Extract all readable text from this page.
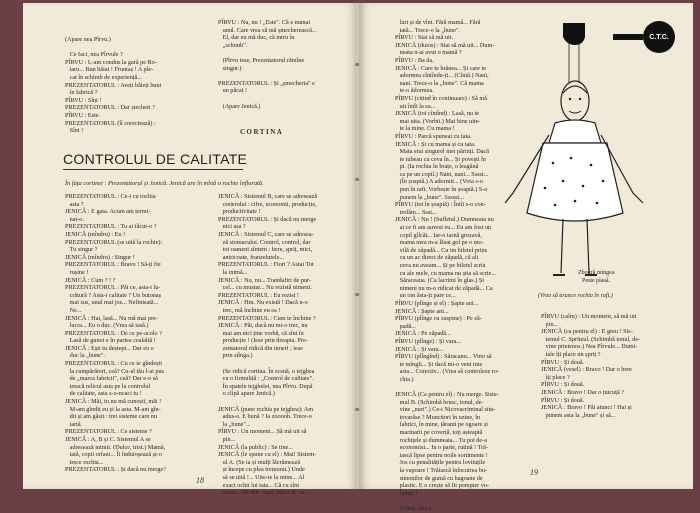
(Apare nea Pîrvu.)

Ce faci, nea Pîrvule ?
PÎRVU : L-am condus la gară pe Ro-
taru... Bun băiat ! Fruntaș ! A ple-
cat în schimb de experiență...
PREZENTATORUL : Aveți băieți buni
în fabrică ?
PÎRVU : Sînt !
PREZENTATORUL : Dar ștecheri ?
PÎRVU : Este.
PREZENTATORUL (îl corectează) :
Sînt !
PÎRVU : Nu, nu ! „Este". Că e numai
unul. Care vrea să mă șmecherească...
El, dar eu mă duc, că intru în
„schimb".

(Pîrvu iese, Prezentatorul rămîne
singur.)

PREZENTATORUL : Și „șmecheria" e
un păcat !

(Apare Jenică.)
CORTINA
CONTROLUL DE CALITATE
În fața cortinei : Prezentatorul și Jenică. Jenică are în mînă o rochie înflorată.
PREZENTATORUL : Ce-i cu rochia
asta ?
JENICĂ : E gata. Acum am termi-
nat-o.
PREZENTATORUL : Tu ai făcut-o ?
JENICĂ (mîndru) : Eu !
PREZENTATORUL (se uită la rochie):
Tu singur ?
JENICĂ (mîndru) : Singur !
PREZENTATORUL : Bravo ! Să-ți fie
rușine !
JENICĂ : Cum ? ! ?
PREZENTATORUL : Păi ce, asta-i lu-
crătură ? Asta-i calitate ? Un butonaș
mai sus, unul mai jos... Nefinisată...
Ne...
JENICĂ : Hai, lasă... Nu mă mai pre-
lucra... Eu o duc. (Vrea să iasă.)
PREZENTATORUL : De ce pe-acolo ?
Lasă de gunoi e în partea cealaltă !
JENICĂ : Ești tu deștept... Dar eu o
duc la „bune".
PREZENTATORUL : Cu ce te gîndești
la cumpărători, ceă? Cu-al tău l-ai pus
de „marca fabricii", ceă? Dar e-o să
treacă relicul asta pe la controlul
de calitate, asta s-o-ncaci tu !
JENICĂ : Măi, tu nu mă cunoști, măi !
M-am gîndit eu și la asta. M-am gîn-
dit și am găsit : trei sisteme care nu
iartă.
PREZENTATORUL : Ce sisteme ?
JENICĂ : A, B și C. Sistemul A se
adresează inimii. (Dulce, trist.) Mamă,
tată, copii orfani... Îi înduioșează și-o
trece rochia...
PREZENTATORUL : Și dacă nu merge?
JENICĂ : Sistemul B, care se adresează
creierului : cifre, economii, producție,
productivitate !
PREZENTATORUL : Și dacă nu merge
nici așa ?
JENICĂ : Sistemul C, care se adresea-
ză stomacului. Control, control, dar
tot oameni sîntem : bere, șpriț, mici,
antricoate, franzelutele...
PREZENTATORUL : Fiori ? Astai Tot
la inimă...
JENICĂ : Nu, nu... Trandafiri de pur-
cel... cu muștar... Nu rezistă nimeni.
PREZENTATORUL : Eu rezist !
JENICĂ : Hm. Nu există ! Dacă n-o
trec, mă închine eu ea !
PREZENTATORUL : Cum te închine ?
JENICĂ : Păi, dacă nu mi-o trec, nu
mai am nici ține vorbă, că sînt în
producție ! (Iese prin dreapta. Pre-
zentatorul ridică din umeri ; iese
prin stînga.)

(Se ridică cortina. În scenă, o tejghea
cu o firmuliță : „Control de calitate".
În spatele tejghelei, nea Pîrvu. După
o clipă apare Jenică.)

JENICĂ (pune rochia pe tejghea): Am
adus-o. E bună ? Ia zooooh. Trece-o
la „bune"...
PÎRVU : Un moment... Să mă uit să
pin...
JENICĂ (la public) : Se tine...
JENICĂ (le spune cu el) : Mai! Sistem-
ul A. (Se ia și mulți lăcrămează
și începe cu plea tremurat.) Unde
să se uită !... Uite-te la mine... Al
exact ochii lui tata... Că cu sînt
orfan... De mic copil, bătut de va-
18
luri și de vînt. Fără mamă... Fără
tată... Trece-o la „bune".
PÎRVU : Stai să mă uit.
JENICĂ (duios) : Stai să mă uit... Dum-
neata n-ai avut o mamă ?
PÎRVU : Ba da.
JENICĂ : Care te hrănea... Și care te
adormea cîntîndu-ți... (Cîntă.) Nani,
nani. Trece-o la „bune". Că mama
te-o ădormea.
PÎRVU (citind în continuare) : Să mă
uit întîi la ea...
JENICĂ (tot cîntînd) : Lasă, nu te
mai uita. (Vorbit.) Mai bine uite-
te la mine. Cu mama !
PÎRVU : Parcă spuneai cu tata.
JENICĂ : Și cu mama și cu tata.
Mata erai singurel mei părinți. Dacă
te iubeau cu ceva în... Și povești în
pi. (Ia rochia în brațe, o leagănă
ca pe un copil.) Nani, nani... Sssst...
(În șoaptă.) A adormit... (Vrea s-o
pun în raft. Vorbește în șoaptă.) S-o
punem la „bune". Ssssst...
PÎRVU (tot în șoaptă) : Întîi s-o con-
trolăm... Ssst...
JENICĂ : Nu ! (Sufletul.) Dumneata nu
ai ce fi am auvest eu... Eu am fost un
copil gîlcăt... Iar-o iarnă grozavă,
mama mea m-a lăsat gol pe o mo-
vilă de zăpadă... Cu un biletel prins
cu un ac direct de zăpadă, că alt
ceva nu aveam... Și pe biletel scria
cu ale mele, cu mama nu știa să scrie...
Săraceaua. (Ca lacrimi în glas.) Și
nimeni nu m-o ridicat de zăpadă... Ca
un om ăsta-ți pare ce...
PÎRVU (plînge și el) : Șapte ani...
JENICĂ : Șapte ani...
PÎRVU (plînge cu suspine) : Pe ză-
padă...
JENICĂ : Pe zăpadă...
PÎRVU (plînge) : Și vara...
JENICĂ : Și vara...
PÎRVU (plîngînd) : Săracanu... Vino să
te mîngîi... Și dacă mi-o veni mie
asta... Corectiv... (Vrea să controleze ro-
chia.)

JENICĂ (Ca pentru el) : Nu merge. Siste-
mul B. (Schimbă brusc, tonul, de-
vine „nuri".) Ce-i Nicovacriminal situ-
tovarăse ? Muncitori în uzine, în
fabrici, în mine, țăranii pe ogoare și
marinarii pe coverță, toți așteaptă
rochițele și dumneata... Tu poi de-a
economisi... Iu o parte, rutină ! Tră-
iască lipse pentru noile sortimente !
Jos cu penalitățile pentru lovituțile
la vapoare ! Trăiască înlocuirea bu-
sunonilor de gumă cu bagoane de
plastic. E o crește să fii pompier vo-
luntar !

(Cîntă, dirz.)
C.T.C.
Zbogră mingea
Peste plasă.
(Vrea să arunce rochia în raft.)
PÎRVU (calm) : Un moment, să mă uit
pin...
JENICĂ (ca pentru el) : E greu ! Sis-
temul C. Spritzul. (Schimbă tonul, de-
vine prietenos.) Nea Pîrvule... Dumi-
tale îți place un șpriț ?
PÎRVU : Și două.
JENICĂ (vesel) : Bravo ! Dar o bere
îți place ?
PÎRVU : Și două.
JENICĂ : Bravo ! Dar o țuicuță ?
PÎRVU : Și două.
JENICĂ : Bravo ! Păi atunci ! Hai și
punem asta la „bune" și să...
19
